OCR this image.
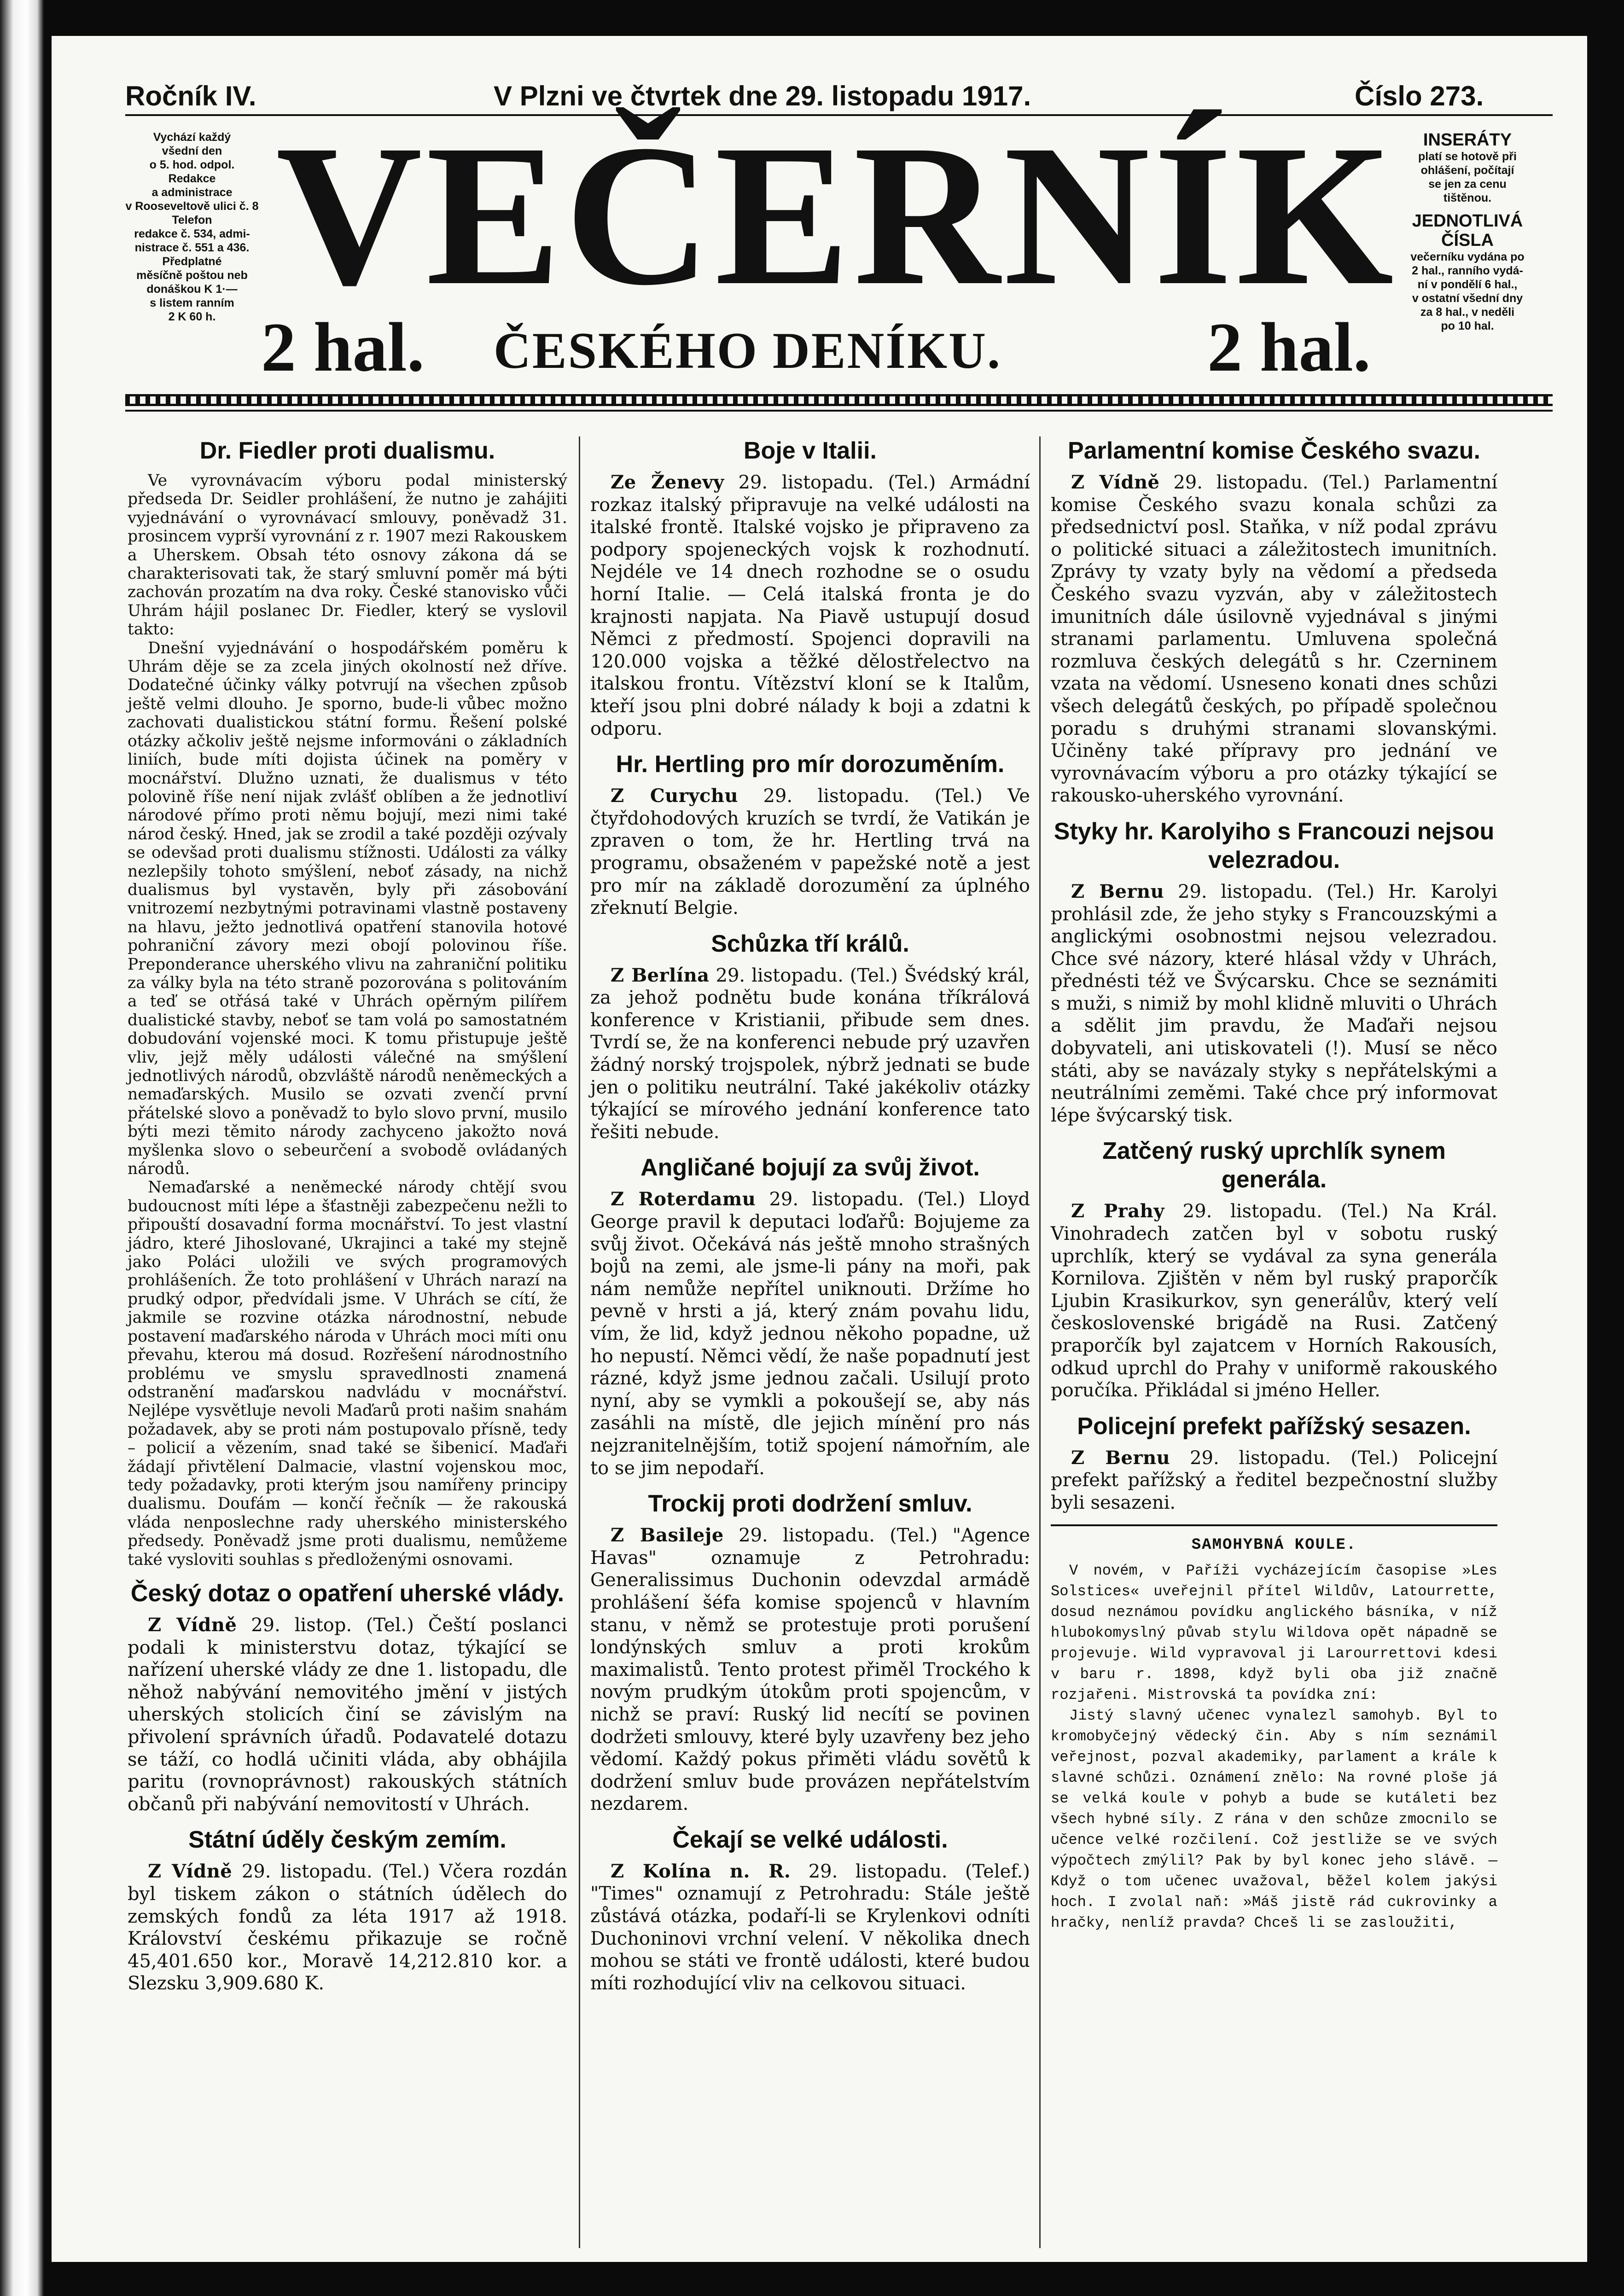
Ročník IV.	V Plzni ve čtvrtek dne 29. listopadu 1917.	Číslo 273.
Vychází každý
všední den
o 5. hod. odpol.
Redakce
a administrace
v Rooseveltově ulici č. 8
Telefon
redakce č. 534, admi-
nistrace č. 551 a 436.
Předplatné
měsíčně poštou neb
donáškou K 1·—
s listem ranním
2 K 60 h. VEČERNÍK
2 hal. ČESKÉHO DENÍKU.	2 hal.
INSERÁTY
platí se hotově při
ohlášení, počítají
se jen za cenu
tištěnou.
JEDNOTLIVÁ
ČÍSLA
večerníku vydána po
2 hal., ranního vydá-
ní v pondělí 6 hal.,
v ostatní všední dny
za 8 hal., v neděli
po 10 hal.
Dr. Fiedler proti dualismu.

Ve vyrovnávacím výboru podal ministerský předseda Dr. Seidler prohlášení, že nutno je zahájiti vyjednávání o vyrovnávací smlouvy, poněvadž 31. prosincem vyprší vyrovnání z r. 1907 mezi Rakouskem a Uherskem. Obsah této osnovy zákona dá se charakterisovati tak, že starý smluvní poměr má býti zachován prozatím na dva roky. České stanovisko vůči Uhrám hájil poslanec Dr. Fiedler, který se vyslovil takto:

Dnešní vyjednávání o hospodářském poměru k Uhrám děje se za zcela jiných okolností než dříve. Dodatečné účinky války potvrují na všechen způsob ještě velmi dlouho. Je sporno, bude-li vůbec možno zachovati dualistickou státní formu. Řešení polské otázky ačkoliv ještě nejsme informováni o základních liniích, bude míti dojista účinek na poměry v mocnářství. Dlužno uznati, že dualismus v této polovině říše není nijak zvlášť oblíben a že jednotliví národové přímo proti němu bojují, mezi nimi také národ český. Hned, jak se zrodil a také později ozývaly se odevšad proti dualismu stížnosti. Události za války nezlepšily tohoto smýšlení, neboť zásady, na nichž dualismus byl vystavěn, byly při zásobování vnitrozemí nezbytnými potravinami vlastně postaveny na hlavu, ježto jednotlivá opatření stanovila hotové pohraniční závory mezi obojí polovinou říše. Preponderance uherského vlivu na zahraniční politiku za války byla na této straně pozorována s politováním a teď se otřásá také v Uhrách opěrným pilířem dualistické stavby, neboť se tam volá po samostatném dobudování vojenské moci. K tomu přistupuje ještě vliv, jejž měly události válečné na smýšlení jednotlivých národů, obzvláště národů neněmeckých a nemaďarských. Musilo se ozvati zvenčí první přátelské slovo a poněvadž to bylo slovo první, musilo býti mezi těmito národy zachyceno jakožto nová myšlenka slovo o sebeurčení a svobodě ovládaných národů.

Nemaďarské a neněmecké národy chtějí svou budoucnost míti lépe a šťastněji zabezpečenu nežli to připouští dosavadní forma mocnářství. To jest vlastní jádro, které Jihoslované, Ukrajinci a také my stejně jako Poláci uložili ve svých programových prohlášeních. Že toto prohlášení v Uhrách narazí na prudký odpor, předvídali jsme. V Uhrách se cítí, že jakmile se rozvine otázka národnostní, nebude postavení maďarského národa v Uhrách moci míti onu převahu, kterou má dosud. Rozřešení národnostního problému ve smyslu spravedlnosti znamená odstranění maďarskou nadvládu v mocnářství. Nejlépe vysvětluje nevoli Maďarů proti našim snahám požadavek, aby se proti nám postupovalo přísně, tedy – policií a vězením, snad také se šibenicí. Maďaři žádají přivtělení Dalmacie, vlastní vojenskou moc, tedy požadavky, proti kterým jsou namířeny principy dualismu. Doufám — končí řečník — že rakouská vláda nenposlechne rady uherského ministerského předsedy. Poněvadž jsme proti dualismu, nemůžeme také vysloviti souhlas s předloženými osnovami.

Český dotaz o opatření uherské vlády.

Z Vídně 29. listop. (Tel.) Čeští poslanci podali k ministerstvu dotaz, týkající se nařízení uherské vlády ze dne 1. listopadu, dle něhož nabývání nemovitého jmění v jistých uherských stolicích činí se závislým na přivolení správních úřadů. Podavatelé dotazu se táží, co hodlá učiniti vláda, aby obhájila paritu (rovnoprávnost) rakouských státních občanů při nabývání nemovitostí v Uhrách.

Státní úděly českým zemím.

Z Vídně 29. listopadu. (Tel.) Včera rozdán byl tiskem zákon o státních údělech do zemských fondů za léta 1917 až 1918. Království českému přikazuje se ročně 45,401.650 kor., Moravě 14,212.810 kor. a Slezsku 3,909.680 K.

Boje v Italii.

Ze Ženevy 29. listopadu. (Tel.) Armádní rozkaz italský připravuje na velké události na italské frontě. Italské vojsko je připraveno za podpory spojeneckých vojsk k rozhodnutí. Nejdéle ve 14 dnech rozhodne se o osudu horní Italie. — Celá italská fronta je do krajnosti napjata. Na Piavě ustupují dosud Němci z předmostí. Spojenci dopravili na 120.000 vojska a těžké dělostřelectvo na italskou frontu. Vítězství kloní se k Italům, kteří jsou plni dobré nálady k boji a zdatni k odporu.

Hr. Hertling pro mír dorozuměním.

Z Curychu 29. listopadu. (Tel.) Ve čtyřdohodových kruzích se tvrdí, že Vatikán je zpraven o tom, že hr. Hertling trvá na programu, obsaženém v papežské notě a jest pro mír na základě dorozumění za úplného zřeknutí Belgie.

Schůzka tří králů.

Z Berlína 29. listopadu. (Tel.) Švédský král, za jehož podnětu bude konána tříkrálová konference v Kristianii, přibude sem dnes. Tvrdí se, že na konferenci nebude prý uzavřen žádný norský trojspolek, nýbrž jednati se bude jen o politiku neutrální. Také jakékoliv otázky týkající se mírového jednání konference tato řešiti nebude.

Angličané bojují za svůj život.

Z Roterdamu 29. listopadu. (Tel.) Lloyd George pravil k deputaci loďařů: Bojujeme za svůj život. Očekává nás ještě mnoho strašných bojů na zemi, ale jsme-li pány na moři, pak nám nemůže nepřítel uniknouti. Držíme ho pevně v hrsti a já, který znám povahu lidu, vím, že lid, když jednou někoho popadne, už ho nepustí. Němci vědí, že naše popadnutí jest rázné, když jsme jednou začali. Usilují proto nyní, aby se vymkli a pokoušejí se, aby nás zasáhli na místě, dle jejich mínění pro nás nejzranitelnějším, totiž spojení námořním, ale to se jim nepodaří.

Trockij proti dodržení smluv.

Z Basileje 29. listopadu. (Tel.) "Agence Havas" oznamuje z Petrohradu: Generalissimus Duchonin odevzdal armádě prohlášení šéfa komise spojenců v hlavním stanu, v němž se protestuje proti porušení londýnských smluv a proti krokům maximalistů. Tento protest přiměl Trockého k novým prudkým útokům proti spojencům, v nichž se praví: Ruský lid necítí se povinen dodržeti smlouvy, které byly uzavřeny bez jeho vědomí. Každý pokus přiměti vládu sovětů k dodržení smluv bude provázen nepřátelstvím nezdarem.

Čekají se velké události.

Z Kolína n. R. 29. listopadu. (Telef.) "Times" oznamují z Petrohradu: Stále ještě zůstává otázka, podaří-li se Krylenkovi odníti Duchoninovi vrchní velení. V několika dnech mohou se státi ve frontě události, které budou míti rozhodující vliv na celkovou situaci.

Parlamentní komise Českého svazu.

Z Vídně 29. listopadu. (Tel.) Parlamentní komise Českého svazu konala schůzi za předsednictví posl. Staňka, v níž podal zprávu o politické situaci a záležitostech imunitních. Zprávy ty vzaty byly na vědomí a předseda Českého svazu vyzván, aby v záležitostech imunitních dále úsilovně vyjednával s jinými stranami parlamentu. Umluvena společná rozmluva českých delegátů s hr. Czerninem vzata na vědomí. Usneseno konati dnes schůzi všech delegátů českých, po případě společnou poradu s druhými stranami slovanskými. Učiněny také přípravy pro jednání ve vyrovnávacím výboru a pro otázky týkající se rakousko-uherského vyrovnání.

Styky hr. Karolyiho s Francouzi nejsou velezradou.

Z Bernu 29. listopadu. (Tel.) Hr. Karolyi prohlásil zde, že jeho styky s Francouzskými a anglickými osobnostmi nejsou velezradou. Chce své názory, které hlásal vždy v Uhrách, přednésti též ve Švýcarsku. Chce se seznámiti s muži, s nimiž by mohl klidně mluviti o Uhrách a sdělit jim pravdu, že Maďaři nejsou dobyvateli, ani utiskovateli (!). Musí se něco státi, aby se navázaly styky s nepřátelskými a neutrálními zeměmi. Také chce prý informovat lépe švýcarský tisk.

Zatčený ruský uprchlík synem generála.

Z Prahy 29. listopadu. (Tel.) Na Král. Vinohradech zatčen byl v sobotu ruský uprchlík, který se vydával za syna generála Kornilova. Zjištěn v něm byl ruský praporčík Ljubin Krasikurkov, syn generálův, který velí československé brigádě na Rusi. Zatčený praporčík byl zajatcem v Horních Rakousích, odkud uprchl do Prahy v uniformě rakouského poručíka. Přikládal si jméno Heller.

Policejní prefekt pařížský sesazen.

Z Bernu 29. listopadu. (Tel.) Policejní prefekt pařížský a ředitel bezpečnostní služby byli sesazeni.

SAMOHYBNÁ KOULE.

V novém, v Paříži vycházejícím časopise »Les Solstices« uveřejnil přítel Wildův, Latourrette, dosud neznámou povídku anglického básníka, v níž hlubokomyslný půvab stylu Wildova opět nápadně se projevuje. Wild vypravoval ji Larourrettovi kdesi v baru r. 1898, když byli oba již značně rozjařeni. Mistrovská ta povídka zní:

Jistý slavný učenec vynalezl samohyb. Byl to kromobyčejný vědecký čin. Aby s ním seznámil veřejnost, pozval akademiky, parlament a krále k slavné schůzi. Oznámení znělo: Na rovné ploše já se velká koule v pohyb a bude se kutáleti bez všech hybné síly. Z rána v den schůze zmocnilo se učence velké rozčilení. Což jestliže se ve svých výpočtech zmýlil? Pak by byl konec jeho slávě. — Když o tom učenec uvažoval, běžel kolem jakýsi hoch. I zvolal naň: »Máš jistě rád cukrovinky a hračky, nenlíž pravda? Chceš li se zasloužiti,
